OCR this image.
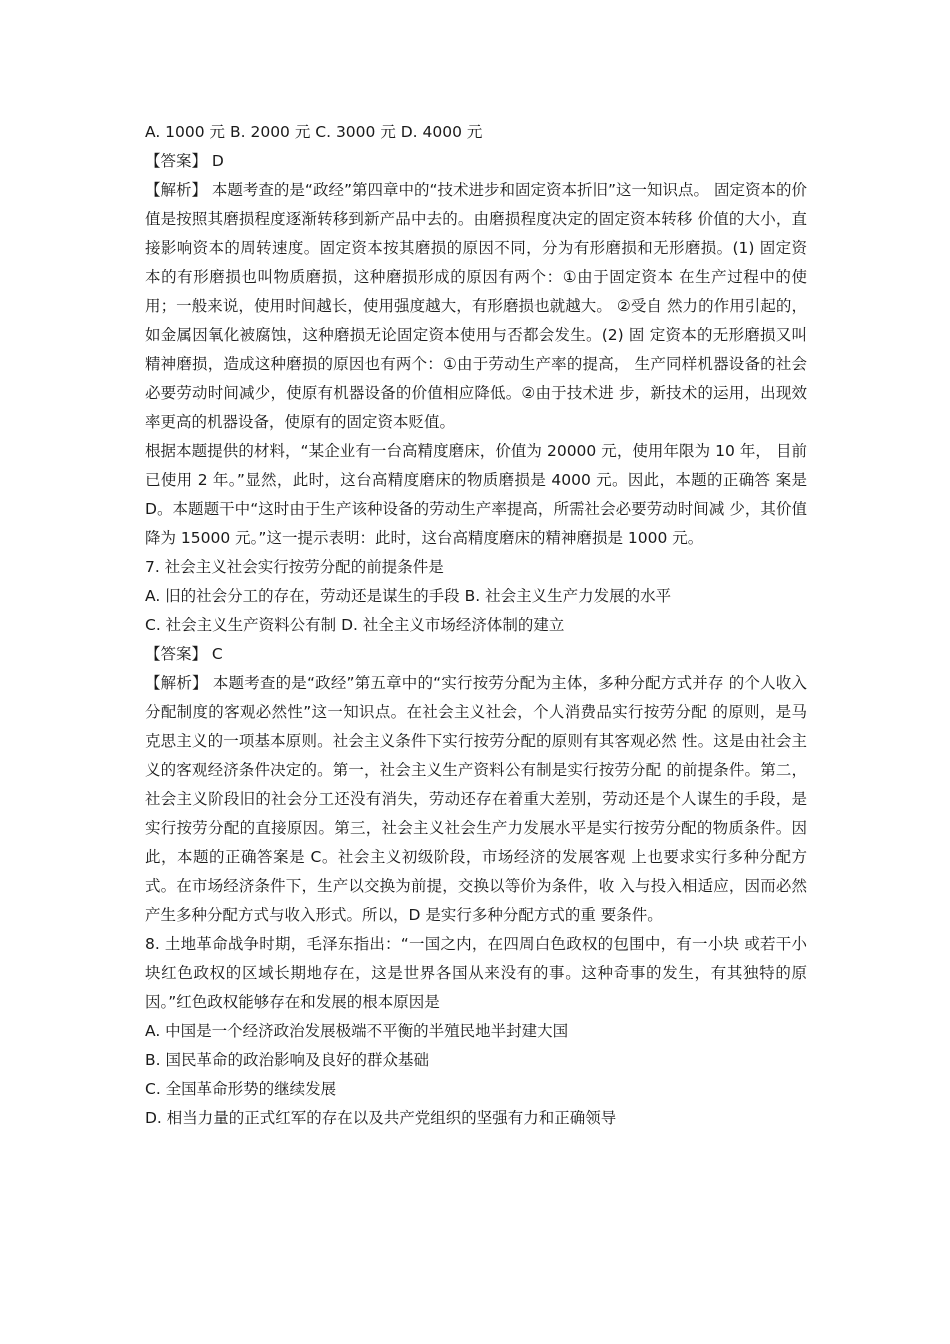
A. 1000 元 B. 2000 元 C. 3000 元 D. 4000 元

【答案】 D

【解析】 本题考查的是“政经”第四章中的“技术进步和固定资本折旧”这一知识点。 固定资本的价值是按照其磨损程度逐渐转移到新产品中去的。由磨损程度决定的固定资本转移 价值的大小，直接影响资本的周转速度。固定资本按其磨损的原因不同，分为有形磨损和无形磨损。(1) 固定资本的有形磨损也叫物质磨损，这种磨损形成的原因有两个：①由于固定资本 在生产过程中的使用；一般来说，使用时间越长，使用强度越大，有形磨损也就越大。 ②受自 然力的作用引起的，如金属因氧化被腐蚀，这种磨损无论固定资本使用与否都会发生。(2) 固 定资本的无形磨损又叫精神磨损，造成这种磨损的原因也有两个：①由于劳动生产率的提高， 生产同样机器设备的社会必要劳动时间减少，使原有机器设备的价值相应降低。②由于技术进 步，新技术的运用，出现效率更高的机器设备，使原有的固定资本贬值。

根据本题提供的材料，“某企业有一台高精度磨床，价值为 20000 元，使用年限为 10 年， 目前已使用 2 年。”显然，此时，这台高精度磨床的物质磨损是 4000 元。因此，本题的正确答 案是 D。本题题干中“这时由于生产该种设备的劳动生产率提高，所需社会必要劳动时间减 少，其价值降为 15000 元。”这一提示表明：此时，这台高精度磨床的精神磨损是 1000 元。

7. 社会主义社会实行按劳分配的前提条件是

A. 旧的社会分工的存在，劳动还是谋生的手段 B. 社会主义生产力发展的水平

C. 社会主义生产资料公有制 D. 社全主义市场经济体制的建立

【答案】 C

【解析】 本题考查的是“政经”第五章中的“实行按劳分配为主体，多种分配方式并存 的个人收入分配制度的客观必然性”这一知识点。在社会主义社会，个人消费品实行按劳分配 的原则，是马克思主义的一项基本原则。社会主义条件下实行按劳分配的原则有其客观必然 性。这是由社会主义的客观经济条件决定的。第一，社会主义生产资料公有制是实行按劳分配 的前提条件。第二，社会主义阶段旧的社会分工还没有消失，劳动还存在着重大差别，劳动还是个人谋生的手段，是实行按劳分配的直接原因。第三，社会主义社会生产力发展水平是实行按劳分配的物质条件。因此，本题的正确答案是 C。社会主义初级阶段，市场经济的发展客观 上也要求实行多种分配方式。在市场经济条件下，生产以交换为前提，交换以等价为条件，收 入与投入相适应，因而必然产生多种分配方式与收入形式。所以，D 是实行多种分配方式的重 要条件。

8. 土地革命战争时期，毛泽东指出：“一国之内，在四周白色政权的包围中，有一小块 或若干小块红色政权的区域长期地存在，这是世界各国从来没有的事。这种奇事的发生，有其独特的原因。”红色政权能够存在和发展的根本原因是

A. 中国是一个经济政治发展极端不平衡的半殖民地半封建大国

B. 国民革命的政治影响及良好的群众基础

C. 全国革命形势的继续发展

D. 相当力量的正式红军的存在以及共产党组织的坚强有力和正确领导
